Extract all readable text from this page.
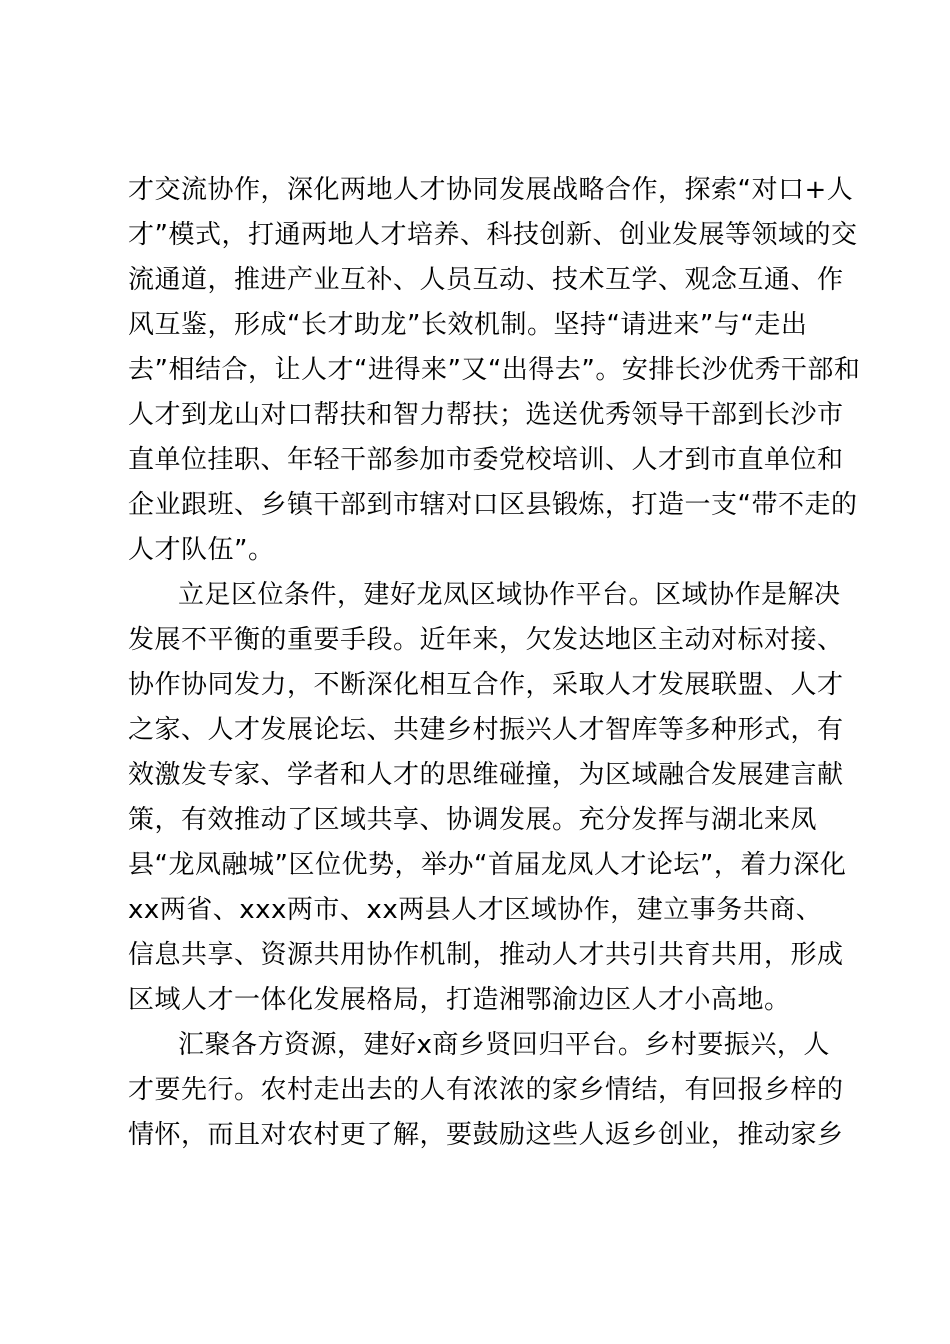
才交流协作，深化两地人才协同发展战略合作，探索“对口+人
才”模式，打通两地人才培养、科技创新、创业发展等领域的交
流通道，推进产业互补、人员互动、技术互学、观念互通、作
风互鉴，形成“长才助龙”长效机制。坚持“请进来”与“走出
去”相结合，让人才“进得来”又“出得去”。安排长沙优秀干部和
人才到龙山对口帮扶和智力帮扶；选送优秀领导干部到长沙市
直单位挂职、年轻干部参加市委党校培训、人才到市直单位和
企业跟班、乡镇干部到市辖对口区县锻炼，打造一支“带不走的
人才队伍”。
立足区位条件，建好龙凤区域协作平台。区域协作是解决
发展不平衡的重要手段。近年来，欠发达地区主动对标对接、
协作协同发力，不断深化相互合作，采取人才发展联盟、人才
之家、人才发展论坛、共建乡村振兴人才智库等多种形式，有
效激发专家、学者和人才的思维碰撞，为区域融合发展建言献
策，有效推动了区域共享、协调发展。充分发挥与湖北来凤
县“龙凤融城”区位优势，举办“首届龙凤人才论坛”，着力深化
xx两省、xxx两市、xx两县人才区域协作，建立事务共商、
信息共享、资源共用协作机制，推动人才共引共育共用，形成
区域人才一体化发展格局，打造湘鄂渝边区人才小高地。
汇聚各方资源，建好x商乡贤回归平台。乡村要振兴，人
才要先行。农村走出去的人有浓浓的家乡情结，有回报乡梓的
情怀，而且对农村更了解，要鼓励这些人返乡创业，推动家乡
